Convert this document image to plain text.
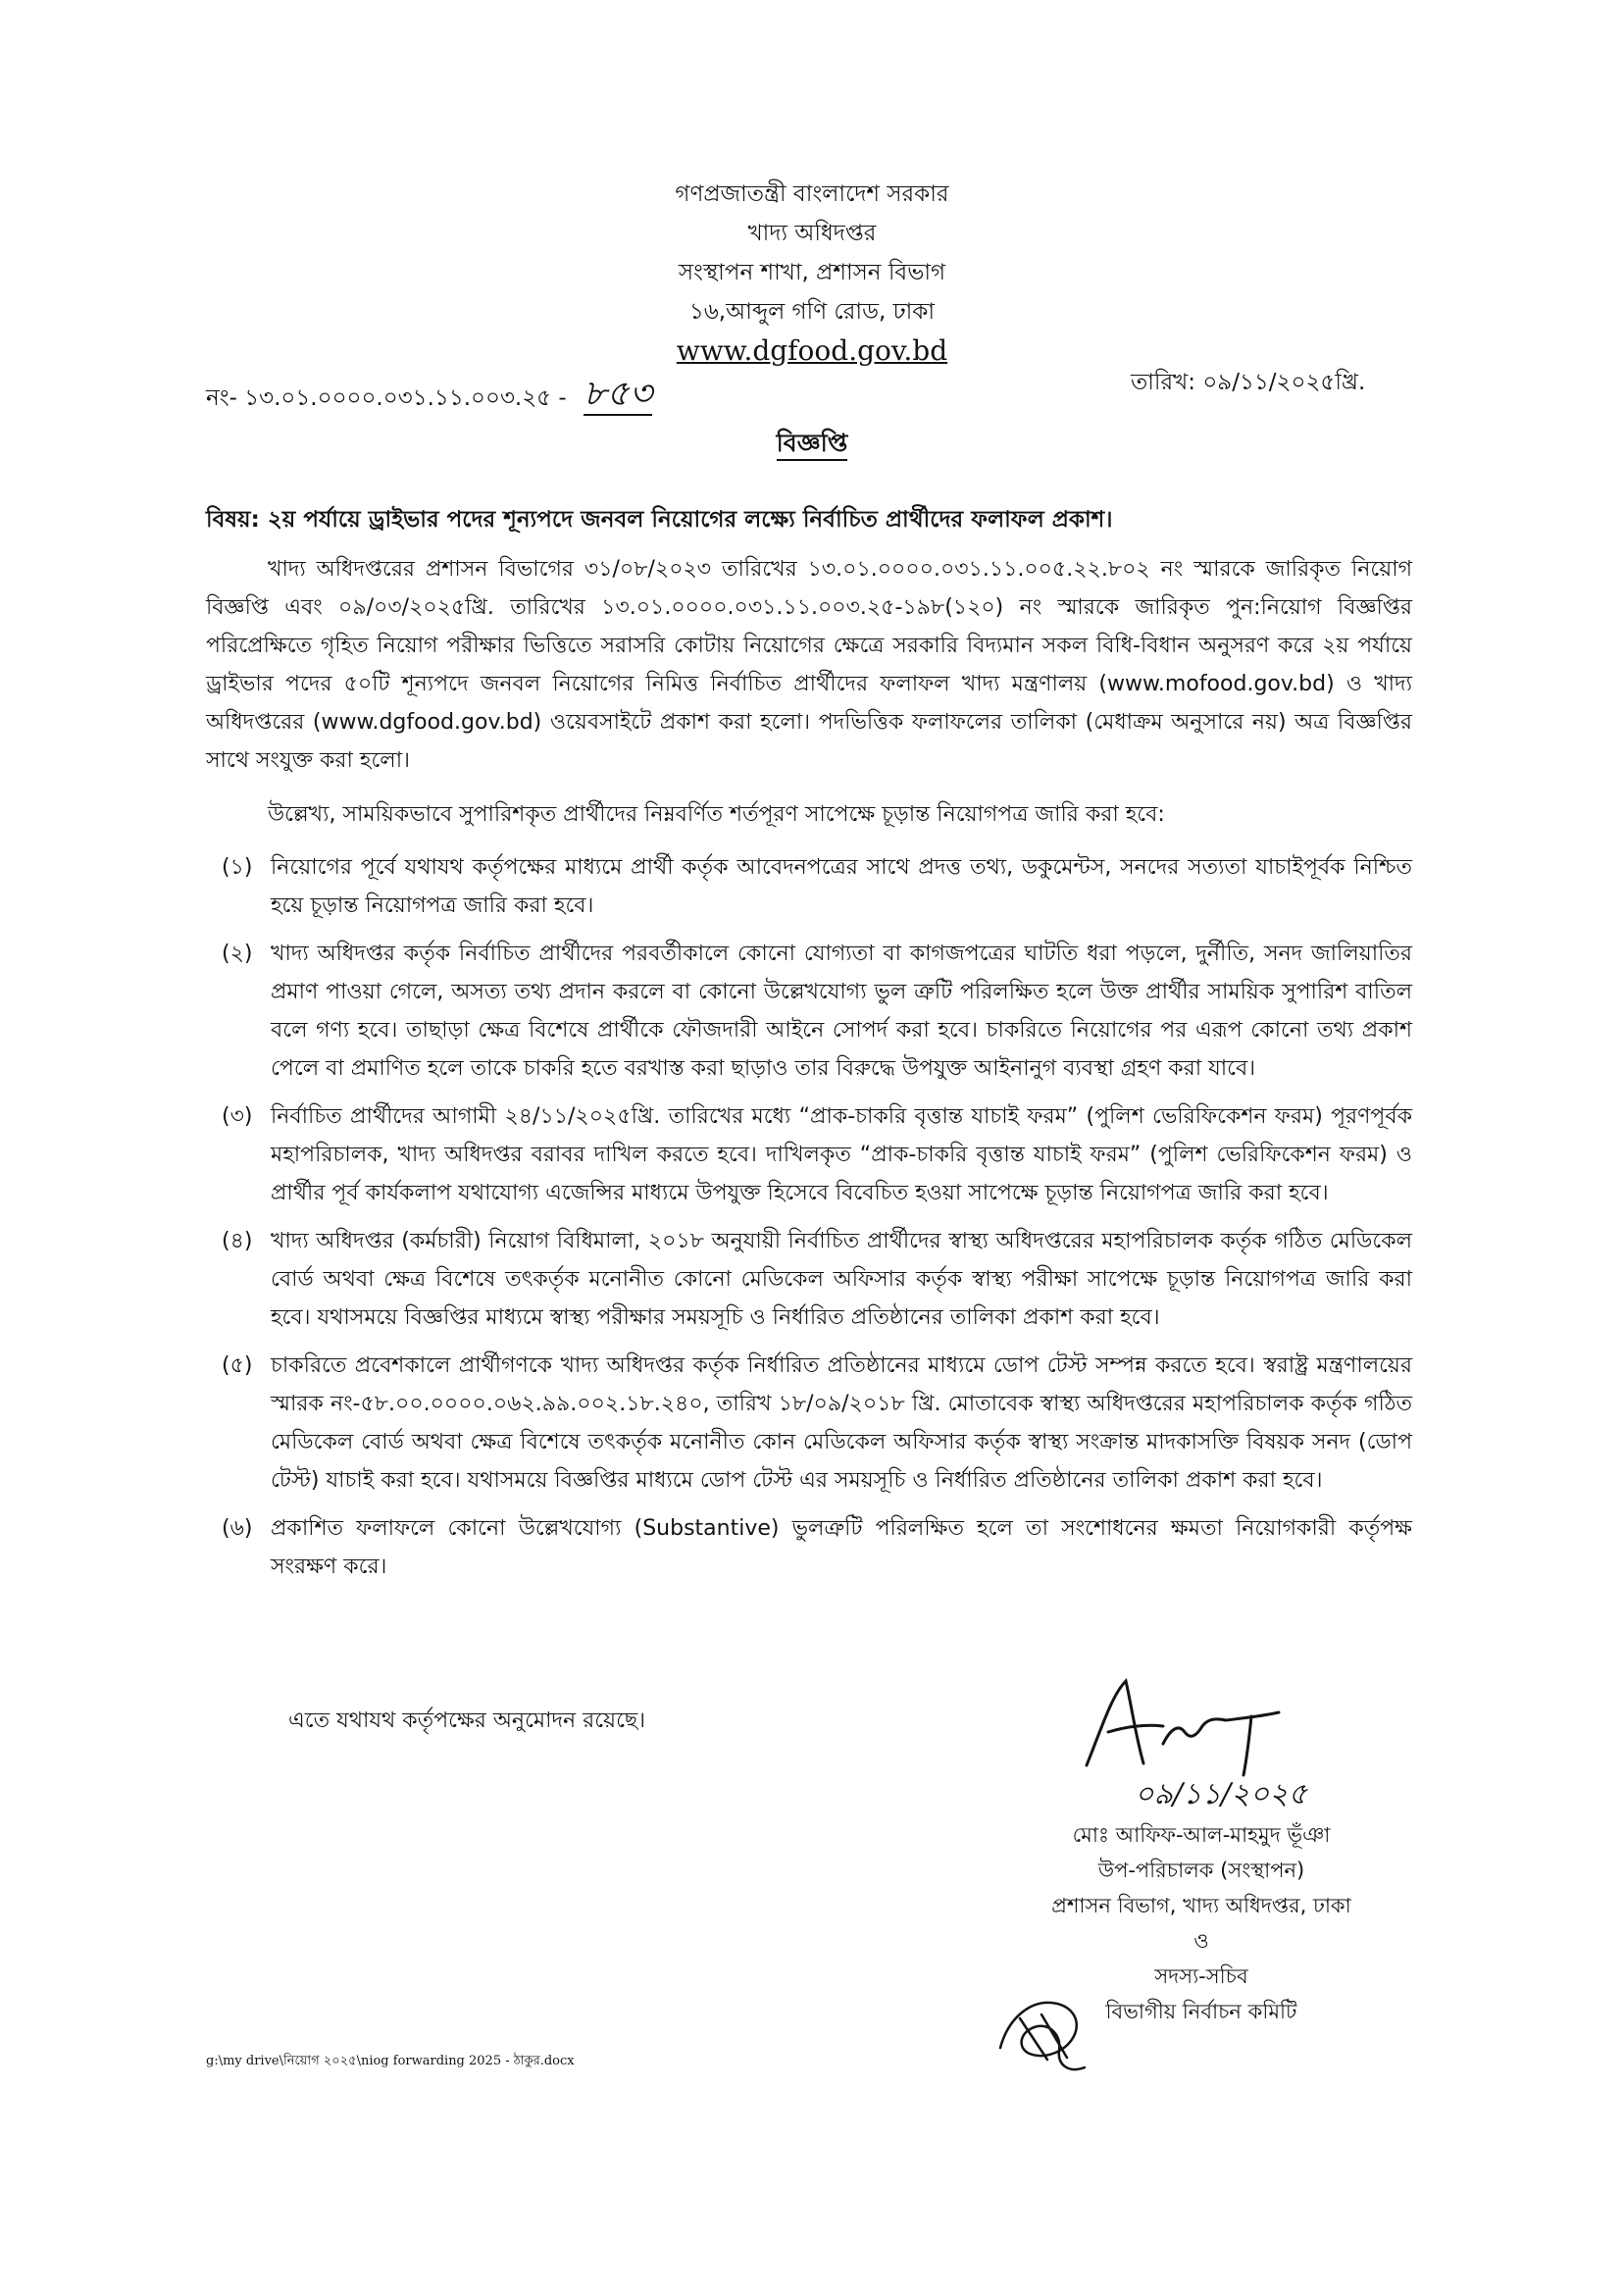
গণপ্রজাতন্ত্রী বাংলাদেশ সরকার
খাদ্য অধিদপ্তর
সংস্থাপন শাখা, প্রশাসন বিভাগ
১৬,আব্দুল গণি রোড, ঢাকা
www.dgfood.gov.bd
নং- ১৩.০১.০০০০.০৩১.১১.০০৩.২৫ - ৮৫৩	তারিখ: ০৯/১১/২০২৫খ্রি.
বিজ্ঞপ্তি
বিষয়: ২য় পর্যায়ে ড্রাইভার পদের শূন্যপদে জনবল নিয়োগের লক্ষ্যে নির্বাচিত প্রার্থীদের ফলাফল প্রকাশ।
খাদ্য অধিদপ্তরের প্রশাসন বিভাগের ৩১/০৮/২০২৩ তারিখের ১৩.০১.০০০০.০৩১.১১.০০৫.২২.৮০২ নং স্মারকে জারিকৃত নিয়োগ বিজ্ঞপ্তি এবং ০৯/০৩/২০২৫খ্রি. তারিখের ১৩.০১.০০০০.০৩১.১১.০০৩.২৫-১৯৮(১২০) নং স্মারকে জারিকৃত পুন:নিয়োগ বিজ্ঞপ্তির পরিপ্রেক্ষিতে গৃহিত নিয়োগ পরীক্ষার ভিত্তিতে সরাসরি কোটায় নিয়োগের ক্ষেত্রে সরকারি বিদ্যমান সকল বিধি-বিধান অনুসরণ করে ২য় পর্যায়ে ড্রাইভার পদের ৫০টি শূন্যপদে জনবল নিয়োগের নিমিত্ত নির্বাচিত প্রার্থীদের ফলাফল খাদ্য মন্ত্রণালয় (www.mofood.gov.bd) ও খাদ্য অধিদপ্তরের (www.dgfood.gov.bd) ওয়েবসাইটে প্রকাশ করা হলো। পদভিত্তিক ফলাফলের তালিকা (মেধাক্রম অনুসারে নয়) অত্র বিজ্ঞপ্তির সাথে সংযুক্ত করা হলো।
উল্লেখ্য, সাময়িকভাবে সুপারিশকৃত প্রার্থীদের নিম্নবর্ণিত শর্তপূরণ সাপেক্ষে চূড়ান্ত নিয়োগপত্র জারি করা হবে:
(১) নিয়োগের পূর্বে যথাযথ কর্তৃপক্ষের মাধ্যমে প্রার্থী কর্তৃক আবেদনপত্রের সাথে প্রদত্ত তথ্য, ডকুমেন্টস, সনদের সত্যতা যাচাইপূর্বক নিশ্চিত হয়ে চূড়ান্ত নিয়োগপত্র জারি করা হবে।
(২) খাদ্য অধিদপ্তর কর্তৃক নির্বাচিত প্রার্থীদের পরবর্তীকালে কোনো যোগ্যতা বা কাগজপত্রের ঘাটতি ধরা পড়লে, দুর্নীতি, সনদ জালিয়াতির প্রমাণ পাওয়া গেলে, অসত্য তথ্য প্রদান করলে বা কোনো উল্লেখযোগ্য ভুল ত্রুটি পরিলক্ষিত হলে উক্ত প্রার্থীর সাময়িক সুপারিশ বাতিল বলে গণ্য হবে। তাছাড়া ক্ষেত্র বিশেষে প্রার্থীকে ফৌজদারী আইনে সোপর্দ করা হবে। চাকরিতে নিয়োগের পর এরূপ কোনো তথ্য প্রকাশ পেলে বা প্রমাণিত হলে তাকে চাকরি হতে বরখাস্ত করা ছাড়াও তার বিরুদ্ধে উপযুক্ত আইনানুগ ব্যবস্থা গ্রহণ করা যাবে।
(৩) নির্বাচিত প্রার্থীদের আগামী ২৪/১১/২০২৫খ্রি. তারিখের মধ্যে “প্রাক-চাকরি বৃত্তান্ত যাচাই ফরম” (পুলিশ ভেরিফিকেশন ফরম) পূরণপূর্বক মহাপরিচালক, খাদ্য অধিদপ্তর বরাবর দাখিল করতে হবে। দাখিলকৃত “প্রাক-চাকরি বৃত্তান্ত যাচাই ফরম” (পুলিশ ভেরিফিকেশন ফরম) ও প্রার্থীর পূর্ব কার্যকলাপ যথাযোগ্য এজেন্সির মাধ্যমে উপযুক্ত হিসেবে বিবেচিত হওয়া সাপেক্ষে চূড়ান্ত নিয়োগপত্র জারি করা হবে।
(৪) খাদ্য অধিদপ্তর (কর্মচারী) নিয়োগ বিধিমালা, ২০১৮ অনুযায়ী নির্বাচিত প্রার্থীদের স্বাস্থ্য অধিদপ্তরের মহাপরিচালক কর্তৃক গঠিত মেডিকেল বোর্ড অথবা ক্ষেত্র বিশেষে তৎকর্তৃক মনোনীত কোনো মেডিকেল অফিসার কর্তৃক স্বাস্থ্য পরীক্ষা সাপেক্ষে চূড়ান্ত নিয়োগপত্র জারি করা হবে। যথাসময়ে বিজ্ঞপ্তির মাধ্যমে স্বাস্থ্য পরীক্ষার সময়সূচি ও নির্ধারিত প্রতিষ্ঠানের তালিকা প্রকাশ করা হবে।
(৫) চাকরিতে প্রবেশকালে প্রার্থীগণকে খাদ্য অধিদপ্তর কর্তৃক নির্ধারিত প্রতিষ্ঠানের মাধ্যমে ডোপ টেস্ট সম্পন্ন করতে হবে। স্বরাষ্ট্র মন্ত্রণালয়ের স্মারক নং-৫৮.০০.০০০০.০৬২.৯৯.০০২.১৮.২৪০, তারিখ ১৮/০৯/২০১৮ খ্রি. মোতাবেক স্বাস্থ্য অধিদপ্তরের মহাপরিচালক কর্তৃক গঠিত মেডিকেল বোর্ড অথবা ক্ষেত্র বিশেষে তৎকর্তৃক মনোনীত কোন মেডিকেল অফিসার কর্তৃক স্বাস্থ্য সংক্রান্ত মাদকাসক্তি বিষয়ক সনদ (ডোপ টেস্ট) যাচাই করা হবে। যথাসময়ে বিজ্ঞপ্তির মাধ্যমে ডোপ টেস্ট এর সময়সূচি ও নির্ধারিত প্রতিষ্ঠানের তালিকা প্রকাশ করা হবে।
(৬) প্রকাশিত ফলাফলে কোনো উল্লেখযোগ্য (Substantive) ভুলত্রুটি পরিলক্ষিত হলে তা সংশোধনের ক্ষমতা নিয়োগকারী কর্তৃপক্ষ সংরক্ষণ করে।
এতে যথাযথ কর্তৃপক্ষের অনুমোদন রয়েছে।
০৯/১১/২০২৫
মোঃ আফিফ-আল-মাহমুদ ভূঁঞা
উপ-পরিচালক (সংস্থাপন)
প্রশাসন বিভাগ, খাদ্য অধিদপ্তর, ঢাকা
ও
সদস্য-সচিব
বিভাগীয় নির্বাচন কমিটি
g:\my drive\নিয়োগ ২০২৫\niog forwarding 2025 - ঠাকুর.docx
